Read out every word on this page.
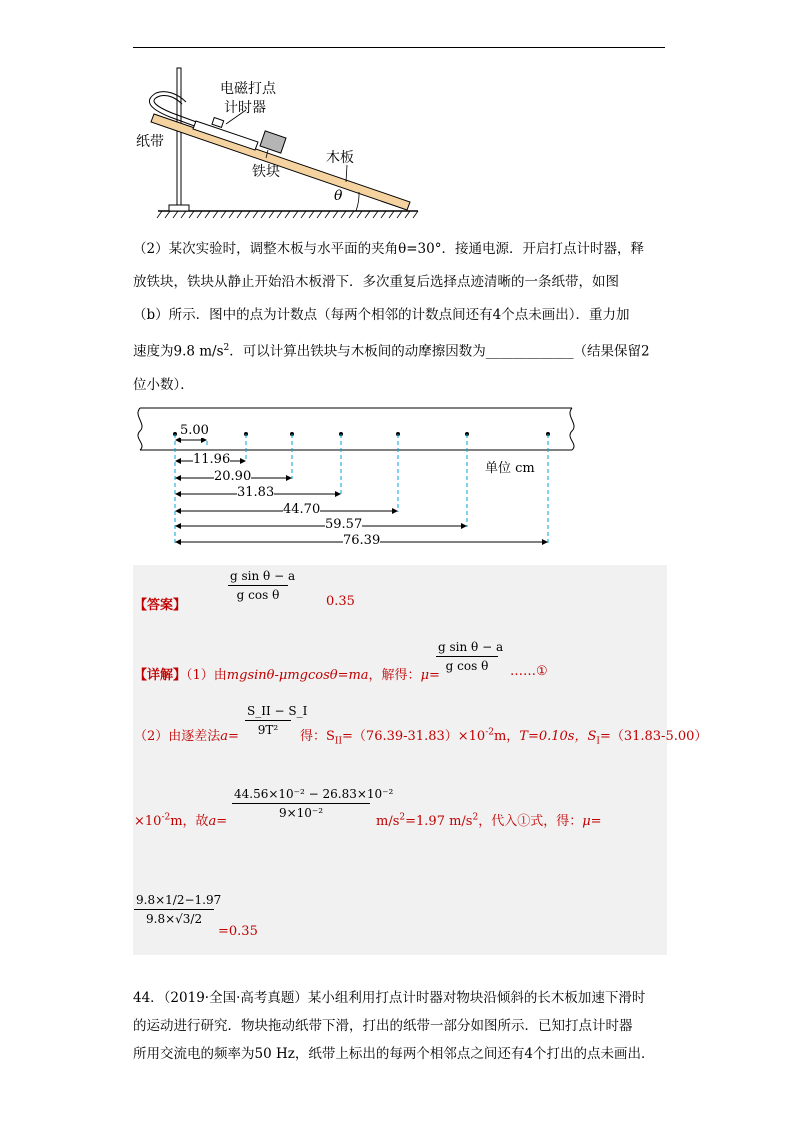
电磁打点
计时器
纸带
木板
铁块
θ
（2）某次实验时，调整木板与水平面的夹角θ=30°．接通电源．开启打点计时器，释
放铁块，铁块从静止开始沿木板滑下．多次重复后选择点迹清晰的一条纸带，如图
（b）所示．图中的点为计数点（每两个相邻的计数点间还有4个点未画出）．重力加
速度为9.8 $m/s^2$．可以计算出铁块与木板间的动摩擦因数为_____________（结果保留2
位小数）．
5.00
11.96
20.90
31.83
44.70
59.57
76.39
单位 cm
【答案】
g sin θ − a
g cos θ	0.35
【详解】（1）由mgsinθ-μmgcosθ=ma，解得：μ=
g sin θ − a
g cos θ	……①
（2）由逐差法a=
S_II − S_I
9T²	得：$S_{II}=(76.39-31.83)\times 10^{-2}m$，T=0.10s，$S_I=(31.83-5.00)$
$\times 10^{-2}m$，故a=
44.56×10⁻² − 26.83×10⁻²
9×10⁻²
$m/s^2=1.97$ $m/s^2$，代入①式，得：μ=
9.8×1/2−1.97
9.8×√3/2
=0.35
44．（2019·全国·高考真题）某小组利用打点计时器对物块沿倾斜的长木板加速下滑时
的运动进行研究．物块拖动纸带下滑，打出的纸带一部分如图所示．已知打点计时器
所用交流电的频率为50 Hz，纸带上标出的每两个相邻点之间还有4个打出的点未画出．
